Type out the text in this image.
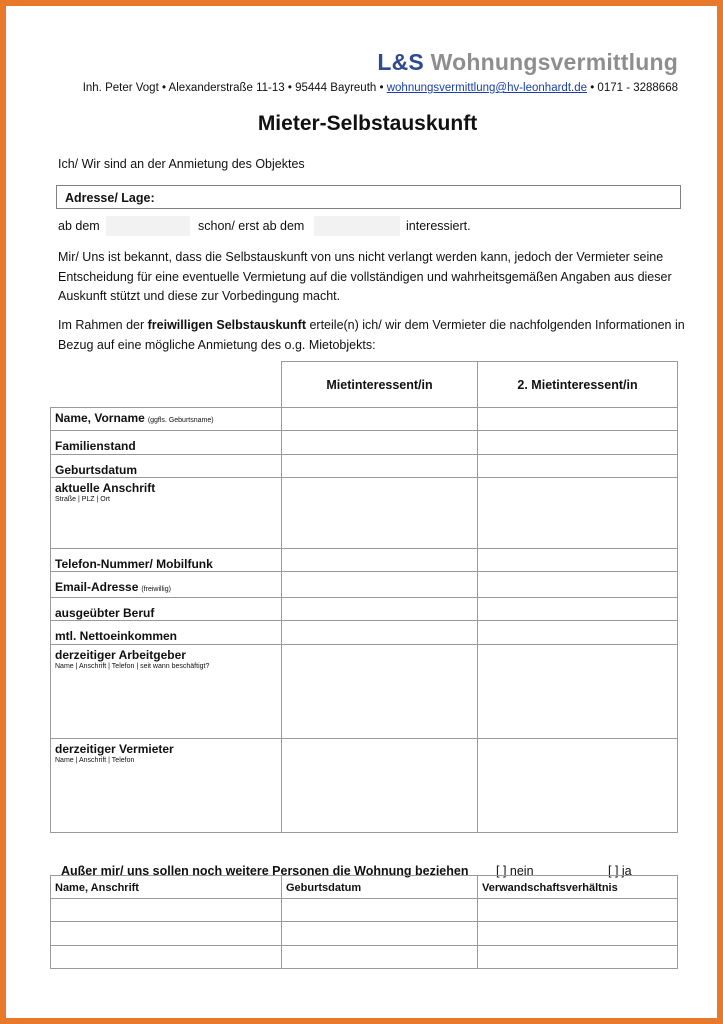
L&S Wohnungsvermittlung
Inh. Peter Vogt • Alexanderstraße 11-13 • 95444 Bayreuth • wohnungsvermittlung@hv-leonhardt.de • 0171 - 3288668
Mieter-Selbstauskunft
Ich/ Wir sind an der Anmietung des Objektes
Adresse/ Lage:
ab dem	schon/ erst ab dem	interessiert.
Mir/ Uns ist bekannt, dass die Selbstauskunft von uns nicht verlangt werden kann, jedoch der Vermieter seine Entscheidung für eine eventuelle Vermietung auf die vollständigen und wahrheitsgemäßen Angaben aus dieser Auskunft stützt und diese zur Vorbedingung macht.
Im Rahmen der freiwilligen Selbstauskunft erteile(n) ich/ wir dem Vermieter die nachfolgenden Informationen in Bezug auf eine mögliche Anmietung des o.g. Mietobjekts:
	Mietinteressent/in	2. Mietinteressent/in
Name, Vorname (ggfls. Geburtsname)		
Familienstand		
Geburtsdatum		
aktuelle Anschrift
Straße | PLZ | Ort		

Telefon-Nummer/ Mobilfunk		
Email-Adresse (freiwillig)		
ausgeübter Beruf		
mtl. Nettoeinkommen		
derzeitiger Arbeitgeber
Name | Anschrift | Telefon | seit wann beschäftigt?		

derzeitiger Vermieter
Name | Anschrift | Telefon		

Außer mir/ uns sollen noch weitere Personen die Wohnung beziehen [ ] nein	[ ] ja
Name, Anschrift	Geburtsdatum	Verwandschaftsverhältnis
